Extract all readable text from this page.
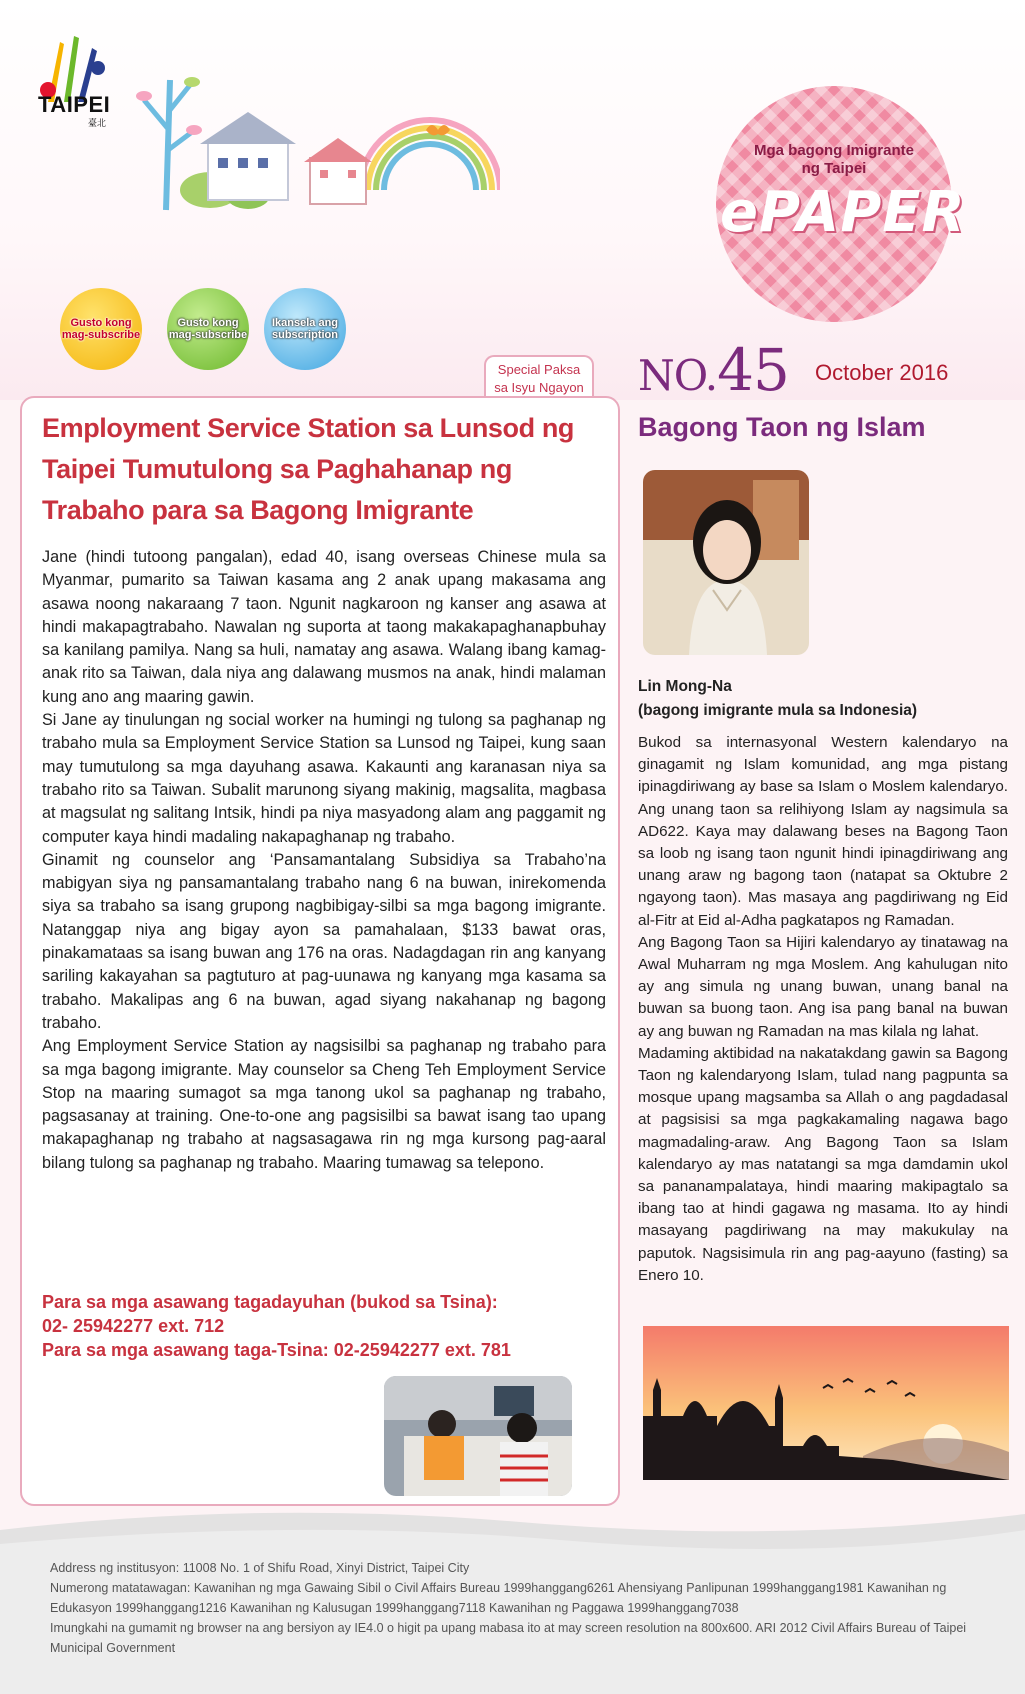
TAIPEI
臺北
Mga bagong Imigrante
ng Taipei
ePAPER
Gusto kong mag-subscribe
Gusto kong mag-subscribe
Ikansela ang subscription
Special Paksa
sa Isyu Ngayon
Employment Service Station sa Lunsod ng Taipei Tumutulong sa Paghahanap ng Trabaho para sa Bagong Imigrante

Jane (hindi tutoong pangalan), edad 40, isang overseas Chinese mula sa Myanmar, pumarito sa Taiwan kasama ang 2 anak upang makasama ang asawa noong nakaraang 7 taon. Ngunit nagkaroon ng kanser ang asawa at hindi makapagtrabaho. Nawalan ng suporta at taong makakapaghanapbuhay sa kanilang pamilya. Nang sa huli, namatay ang asawa. Walang ibang kamag-anak rito sa Taiwan, dala niya ang dalawang musmos na anak, hindi malaman kung ano ang maaring gawin.

Si Jane ay tinulungan ng social worker na humingi ng tulong sa paghanap ng trabaho mula sa Employment Service Station sa Lunsod ng Taipei, kung saan may tumutulong sa mga dayuhang asawa. Kakaunti ang karanasan niya sa trabaho rito sa Taiwan. Subalit marunong siyang makinig, magsalita, magbasa at magsulat ng salitang Intsik, hindi pa niya masyadong alam ang paggamit ng computer kaya hindi madaling nakapaghanap ng trabaho.

Ginamit ng counselor ang ‘Pansamantalang Subsidiya sa Trabaho’na mabigyan siya ng pansamantalang trabaho nang 6 na buwan, inirekomenda siya sa trabaho sa isang grupong nagbibigay-silbi sa mga bagong imigrante. Natanggap niya ang bigay ayon sa pamahalaan, $133 bawat oras, pinakamataas sa isang buwan ang 176 na oras. Nadagdagan rin ang kanyang sariling kakayahan sa pagtuturo at pag-uunawa ng kanyang mga kasama sa trabaho. Makalipas ang 6 na buwan, agad siyang nakahanap ng bagong trabaho.

Ang Employment Service Station ay nagsisilbi sa paghanap ng trabaho para sa mga bagong imigrante. May counselor sa Cheng Teh Employment Service Stop na maaring sumagot sa mga tanong ukol sa paghanap ng trabaho, pagsasanay at training. One-to-one ang pagsisilbi sa bawat isang tao upang makapaghanap ng trabaho at nagsasagawa rin ng mga kursong pag-aaral bilang tulong sa paghanap ng trabaho. Maaring tumawag sa telepono.

Para sa mga asawang tagadayuhan (bukod sa Tsina):
02- 25942277 ext. 712
Para sa mga asawang taga-Tsina: 02-25942277 ext. 781
NO.45 October 2016
Bagong Taon ng Islam
Lin Mong-Na
(bagong imigrante mula sa Indonesia)

Bukod sa internasyonal Western kalendaryo na ginagamit ng Islam komunidad, ang mga pistang ipinagdiriwang ay base sa Islam o Moslem kalendaryo. Ang unang taon sa relihiyong Islam ay nagsimula sa AD622. Kaya may dalawang beses na Bagong Taon sa loob ng isang taon ngunit hindi ipinagdiriwang ang unang araw ng bagong taon (natapat sa Oktubre 2 ngayong taon). Mas masaya ang pagdiriwang ng Eid al-Fitr at Eid al-Adha pagkatapos ng Ramadan.

Ang Bagong Taon sa Hijiri kalendaryo ay tinatawag na Awal Muharram ng mga Moslem. Ang kahulugan nito ay ang simula ng unang buwan, unang banal na buwan sa buong taon. Ang isa pang banal na buwan ay ang buwan ng Ramadan na mas kilala ng lahat.

Madaming aktibidad na nakatakdang gawin sa Bagong Taon ng kalendaryong Islam, tulad nang pagpunta sa mosque upang magsamba sa Allah o ang pagdadasal at pagsisisi sa mga pagkakamaling nagawa bago magmadaling-araw. Ang Bagong Taon sa Islam kalendaryo ay mas natatangi sa mga damdamin ukol sa pananampalataya, hindi maaring makipagtalo sa ibang tao at hindi gagawa ng masama. Ito ay hindi masayang pagdiriwang na may makukulay na paputok. Nagsisimula rin ang pag-aayuno (fasting) sa Enero 10.

Address ng institusyon: 11008 No. 1 of Shifu Road, Xinyi District, Taipei City
Numerong matatawagan: Kawanihan ng mga Gawaing Sibil o Civil Affairs Bureau 1999hanggang6261 Ahensiyang Panlipunan 1999hanggang1981 Kawanihan ng Edukasyon 1999hanggang1216 Kawanihan ng Kalusugan 1999hanggang7118 Kawanihan ng Paggawa 1999hanggang7038
Imungkahi na gumamit ng browser na ang bersiyon ay IE4.0 o higit pa upang mabasa ito at may screen resolution na 800x600. ARI 2012 Civil Affairs Bureau of Taipei Municipal Government
